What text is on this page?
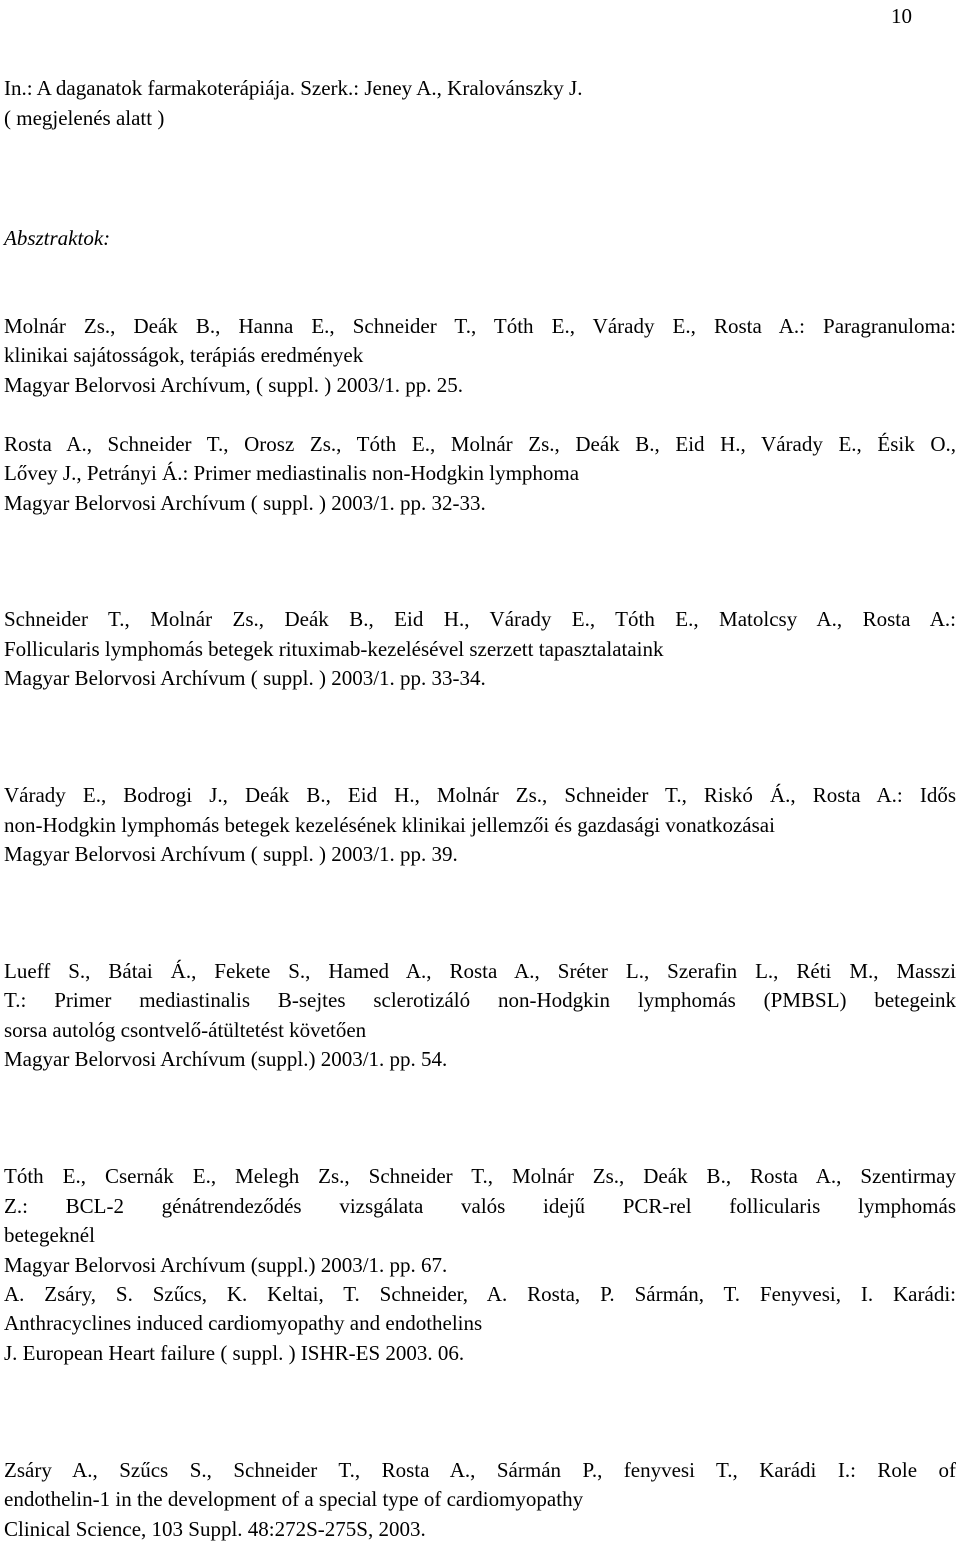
10
In.: A daganatok farmakoterápiája. Szerk.: Jeney A., Kralovánszky J.
( megjelenés alatt )
Absztraktok:
Molnár Zs., Deák B., Hanna E., Schneider T., Tóth E., Várady E., Rosta A.: Paragranuloma:
klinikai sajátosságok, terápiás eredmények
Magyar Belorvosi Archívum, ( suppl. ) 2003/1. pp. 25.
Rosta A., Schneider T., Orosz Zs., Tóth E., Molnár Zs., Deák B., Eid H., Várady E., Ésik O.,
Lővey J., Petrányi Á.: Primer mediastinalis non-Hodgkin lymphoma
Magyar Belorvosi Archívum ( suppl. ) 2003/1. pp. 32-33.
Schneider T., Molnár Zs., Deák B., Eid H., Várady E., Tóth E., Matolcsy A., Rosta A.:
Follicularis lymphomás betegek rituximab-kezelésével szerzett tapasztalataink
Magyar Belorvosi Archívum ( suppl. ) 2003/1. pp. 33-34.
Várady E., Bodrogi J., Deák B., Eid H., Molnár Zs., Schneider T., Riskó Á., Rosta A.: Idős
non-Hodgkin lymphomás betegek kezelésének klinikai jellemzői és gazdasági vonatkozásai
Magyar Belorvosi Archívum ( suppl. ) 2003/1. pp. 39.
Lueff S., Bátai Á., Fekete S., Hamed A., Rosta A., Sréter L., Szerafin L., Réti M., Masszi
T.: Primer mediastinalis B-sejtes sclerotizáló non-Hodgkin lymphomás (PMBSL) betegeink
sorsa autológ csontvelő-átültetést követően
Magyar Belorvosi Archívum (suppl.) 2003/1. pp. 54.
Tóth E., Csernák E., Melegh Zs., Schneider T., Molnár Zs., Deák B., Rosta A., Szentirmay
Z.: BCL-2 génátrendeződés vizsgálata valós idejű PCR-rel follicularis lymphomás
betegeknél
Magyar Belorvosi Archívum (suppl.) 2003/1. pp. 67.
A. Zsáry, S. Szűcs, K. Keltai, T. Schneider, A. Rosta, P. Sármán, T. Fenyvesi, I. Karádi:
Anthracyclines induced cardiomyopathy and endothelins
J. European Heart failure ( suppl. ) ISHR-ES 2003. 06.
Zsáry A., Szűcs S., Schneider T., Rosta A., Sármán P., fenyvesi T., Karádi I.: Role of
endothelin-1 in the development of a special type of cardiomyopathy
Clinical Science, 103 Suppl. 48:272S-275S, 2003.
